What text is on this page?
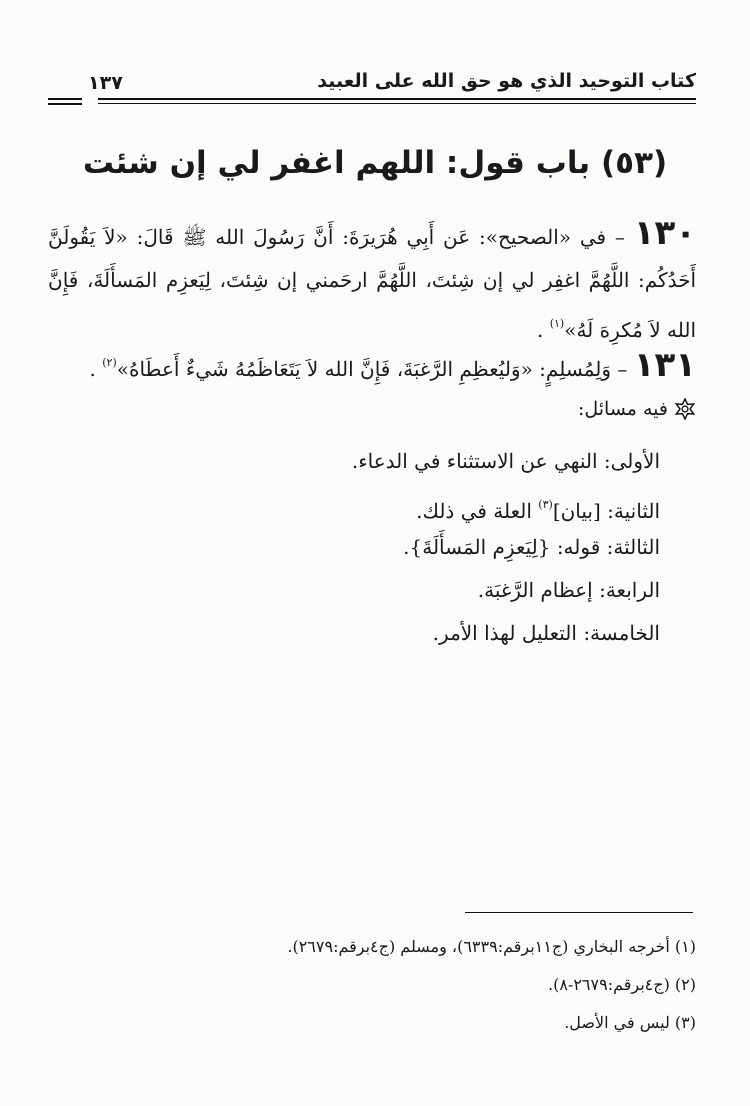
كتاب التوحيد الذي هو حق الله على العبيد
١٣٧
(٥٣) باب قول: اللهم اغفر لي إن شئت
١٣٠ – في «الصحيح»: عَن أَبِي هُرَيرَةَ: أَنَّ رَسُولَ الله ﷺ قَالَ: «لاَ يَقُولَنَّ أَحَدُكُم: اللَّهُمَّ اغفِر لي إن شِئتَ، اللَّهُمَّ ارحَمني إن شِئتَ، لِيَعزِم المَسأَلَةَ، فَإِنَّ الله لاَ مُكرِهَ لَهُ»$^{(١)}$ .
١٣١ – وَلِمُسلِمٍ: «وَليُعظِمِ الرَّغبَةَ، فَإِنَّ الله لاَ يَتَعَاظَمُهُ شَيءٌ أَعطَاهُ»$^{(٢)}$ .
فيه مسائل:
الأولى: النهي عن الاستثناء في الدعاء.
الثانية: [بيان]$^{(٣)}$ العلة في ذلك.
الثالثة: قوله: {لِيَعزِم المَسأَلَةَ}.
الرابعة: إعظام الرَّغبَة.
الخامسة: التعليل لهذا الأمر.
(١) أخرجه البخاري (ج١١برقم:٦٣٣٩)، ومسلم (ج٤برقم:٢٦٧٩).
(٢) (ج٤برقم:٢٦٧٩-٨).
(٣) ليس في الأصل.
